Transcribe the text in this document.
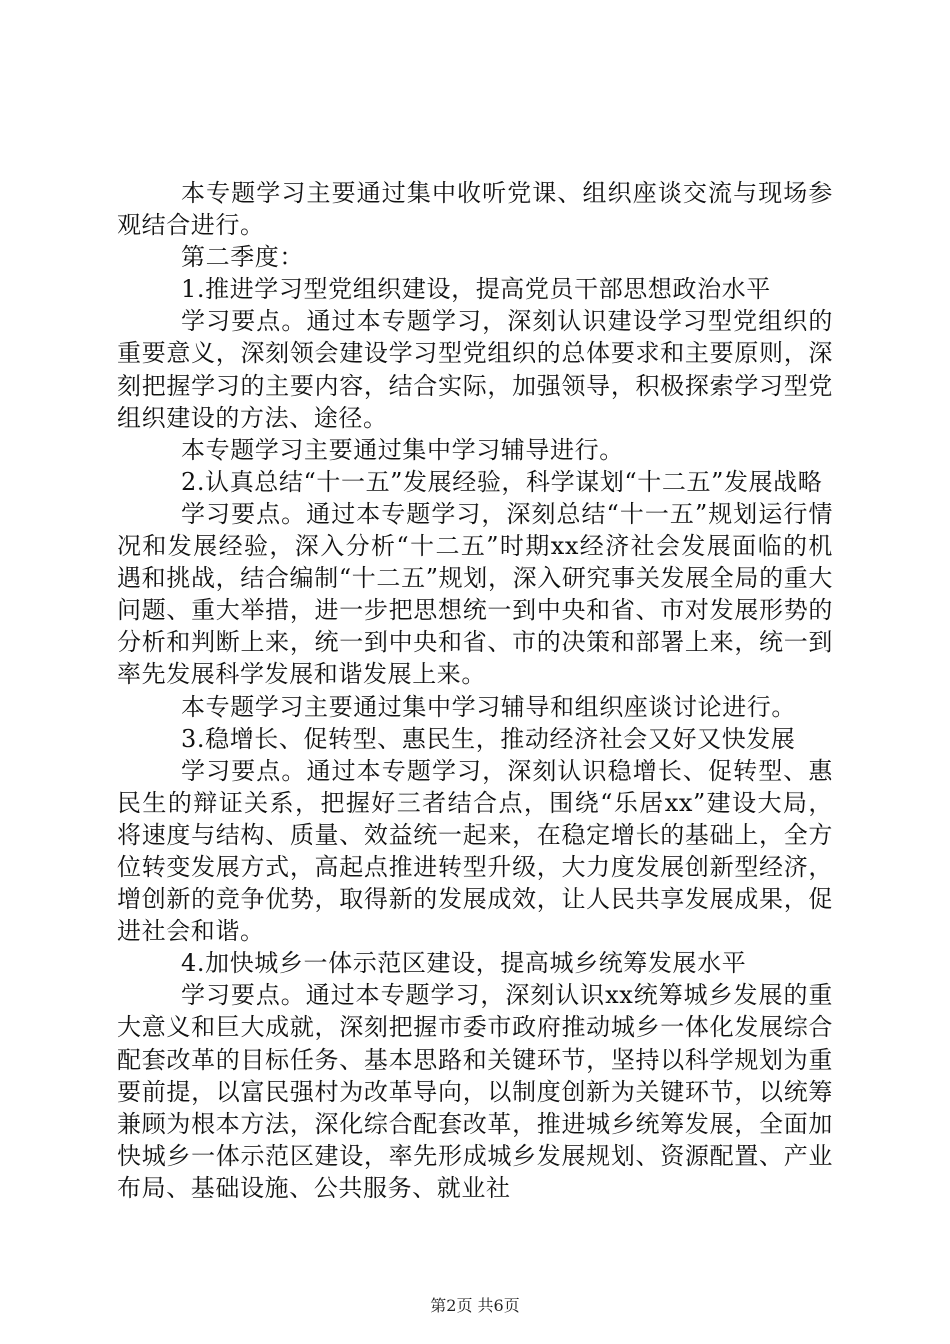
本专题学习主要通过集中收听党课、组织座谈交流与现场参观结合进行。

第二季度：

1.推进学习型党组织建设，提高党员干部思想政治水平

学习要点。通过本专题学习，深刻认识建设学习型党组织的重要意义，深刻领会建设学习型党组织的总体要求和主要原则，深刻把握学习的主要内容，结合实际，加强领导，积极探索学习型党组织建设的方法、途径。

本专题学习主要通过集中学习辅导进行。

2.认真总结“十一五”发展经验，科学谋划“十二五”发展战略

学习要点。通过本专题学习，深刻总结“十一五”规划运行情况和发展经验，深入分析“十二五”时期xx经济社会发展面临的机遇和挑战，结合编制“十二五”规划，深入研究事关发展全局的重大问题、重大举措，进一步把思想统一到中央和省、市对发展形势的分析和判断上来，统一到中央和省、市的决策和部署上来，统一到率先发展科学发展和谐发展上来。

本专题学习主要通过集中学习辅导和组织座谈讨论进行。

3.稳增长、促转型、惠民生，推动经济社会又好又快发展

学习要点。通过本专题学习，深刻认识稳增长、促转型、惠民生的辩证关系，把握好三者结合点，围绕“乐居xx”建设大局，将速度与结构、质量、效益统一起来，在稳定增长的基础上，全方位转变发展方式，高起点推进转型升级，大力度发展创新型经济，增创新的竞争优势，取得新的发展成效，让人民共享发展成果，促进社会和谐。

4.加快城乡一体示范区建设，提高城乡统筹发展水平

学习要点。通过本专题学习，深刻认识xx统筹城乡发展的重大意义和巨大成就，深刻把握市委市政府推动城乡一体化发展综合配套改革的目标任务、基本思路和关键环节，坚持以科学规划为重要前提，以富民强村为改革导向，以制度创新为关键环节，以统筹兼顾为根本方法，深化综合配套改革，推进城乡统筹发展，全面加快城乡一体示范区建设，率先形成城乡发展规划、资源配置、产业布局、基础设施、公共服务、就业社

第2页 共6页
